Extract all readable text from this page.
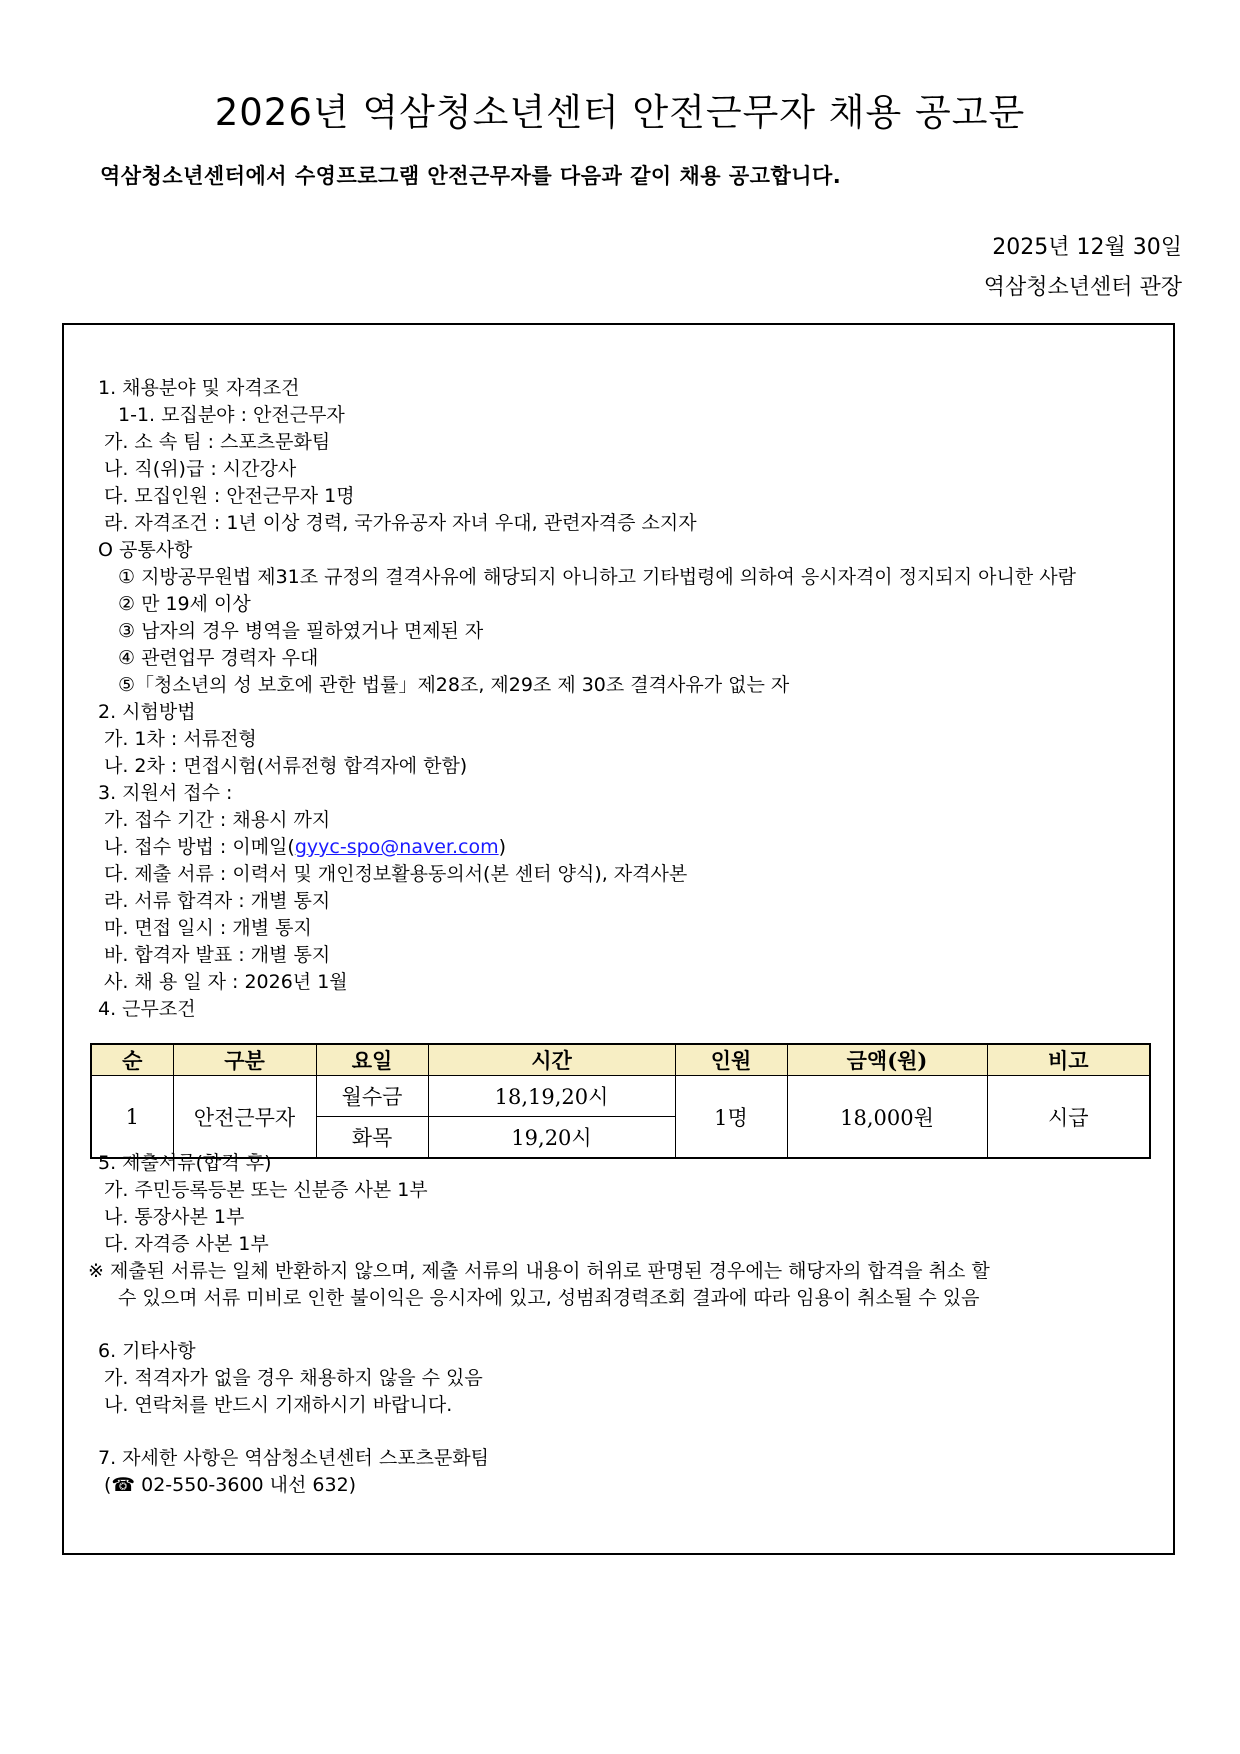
2026년 역삼청소년센터 안전근무자 채용 공고문
역삼청소년센터에서 수영프로그램 안전근무자를 다음과 같이 채용 공고합니다.
2025년 12월 30일
역삼청소년센터 관장
1. 채용분야 및 자격조건
1-1. 모집분야 : 안전근무자
가. 소 속 팀 : 스포츠문화팀
나. 직(위)급 : 시간강사
다. 모집인원 : 안전근무자 1명
라. 자격조건 : 1년 이상 경력, 국가유공자 자녀 우대, 관련자격증 소지자
O 공통사항
① 지방공무원법 제31조 규정의 결격사유에 해당되지 아니하고 기타법령에 의하여 응시자격이 정지되지 아니한 사람
② 만 19세 이상
③ 남자의 경우 병역을 필하였거나 면제된 자
④ 관련업무 경력자 우대
⑤「청소년의 성 보호에 관한 법률」제28조, 제29조 제 30조 결격사유가 없는 자
2. 시험방법
가. 1차 : 서류전형
나. 2차 : 면접시험(서류전형 합격자에 한함)
3. 지원서 접수 :
가. 접수 기간 : 채용시 까지
나. 접수 방법 : 이메일(gyyc-spo@naver.com)
다. 제출 서류 : 이력서 및 개인정보활용동의서(본 센터 양식), 자격사본
라. 서류 합격자 : 개별 통지
마. 면접 일시 : 개별 통지
바. 합격자 발표 : 개별 통지
사. 채 용 일 자 : 2026년 1월
4. 근무조건
순	구분	요일	시간	인원	금액(원)	비고
1	안전근무자	월수금	18,19,20시	1명	18,000원	시급
		화목	19,20시			
5. 제출서류(합격 후)
가. 주민등록등본 또는 신분증 사본 1부
나. 통장사본 1부
다. 자격증 사본 1부
※ 제출된 서류는 일체 반환하지 않으며, 제출 서류의 내용이 허위로 판명된 경우에는 해당자의 합격을 취소 할
수 있으며 서류 미비로 인한 불이익은 응시자에 있고, 성범죄경력조회 결과에 따라 임용이 취소될 수 있음
6. 기타사항
가. 적격자가 없을 경우 채용하지 않을 수 있음
나. 연락처를 반드시 기재하시기 바랍니다.
7. 자세한 사항은 역삼청소년센터 스포츠문화팀
(☎ 02-550-3600 내선 632)
